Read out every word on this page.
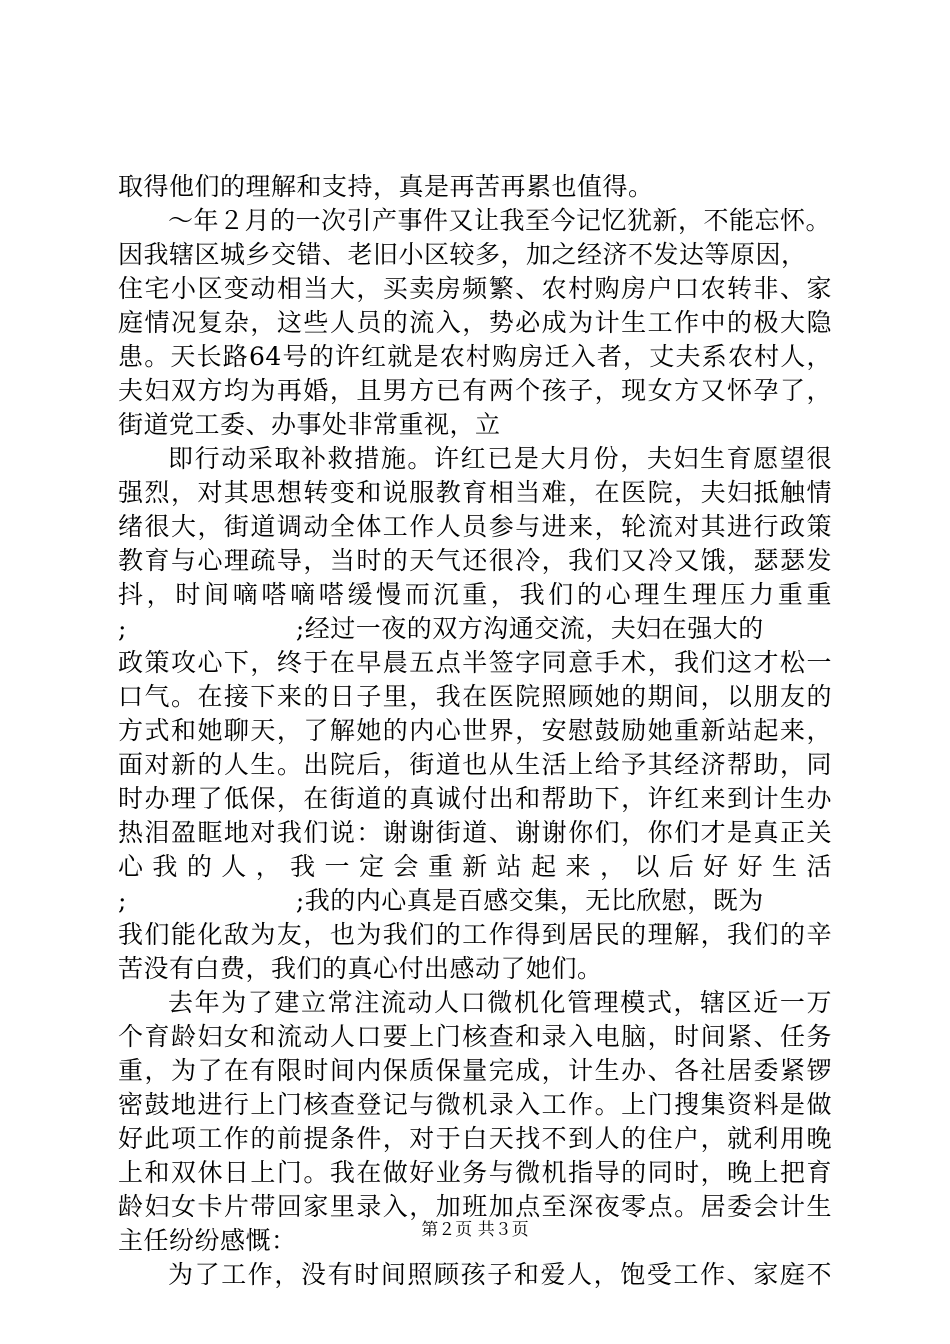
取得他们的理解和支持，真是再苦再累也值得。
～年２月的一次引产事件又让我至今记忆犹新，不能忘怀。
因我辖区城乡交错、老旧小区较多，加之经济不发达等原因，
住宅小区变动相当大，买卖房频繁、农村购房户口农转非、家
庭情况复杂，这些人员的流入，势必成为计生工作中的极大隐
患。天长路64号的许红就是农村购房迁入者，丈夫系农村人，
夫妇双方均为再婚，且男方已有两个孩子，现女方又怀孕了，
街道党工委、办事处非常重视，立
即行动采取补救措施。许红已是大月份，夫妇生育愿望很
强烈，对其思想转变和说服教育相当难，在医院，夫妇抵触情
绪很大，街道调动全体工作人员参与进来，轮流对其进行政策
教育与心理疏导，当时的天气还很冷，我们又冷又饿，瑟瑟发
抖，时间嘀嗒嘀嗒缓慢而沉重，我们的心理生理压力重重
;                    ;经过一夜的双方沟通交流，夫妇在强大的
政策攻心下，终于在早晨五点半签字同意手术，我们这才松一
口气。在接下来的日子里，我在医院照顾她的期间，以朋友的
方式和她聊天，了解她的内心世界，安慰鼓励她重新站起来，
面对新的人生。出院后，街道也从生活上给予其经济帮助，同
时办理了低保，在街道的真诚付出和帮助下，许红来到计生办
热泪盈眶地对我们说：谢谢街道、谢谢你们，你们才是真正关
心我的人，我一定会重新站起来，以后好好生活
;                    ;我的内心真是百感交集，无比欣慰，既为
我们能化敌为友，也为我们的工作得到居民的理解，我们的辛
苦没有白费，我们的真心付出感动了她们。
去年为了建立常注流动人口微机化管理模式，辖区近一万
个育龄妇女和流动人口要上门核查和录入电脑，时间紧、任务
重，为了在有限时间内保质保量完成，计生办、各社居委紧锣
密鼓地进行上门核查登记与微机录入工作。上门搜集资料是做
好此项工作的前提条件，对于白天找不到人的住户，就利用晚
上和双休日上门。我在做好业务与微机指导的同时，晚上把育
龄妇女卡片带回家里录入，加班加点至深夜零点。居委会计生
主任纷纷感慨：
为了工作，没有时间照顾孩子和爱人，饱受工作、家庭不
第２页 共３页
